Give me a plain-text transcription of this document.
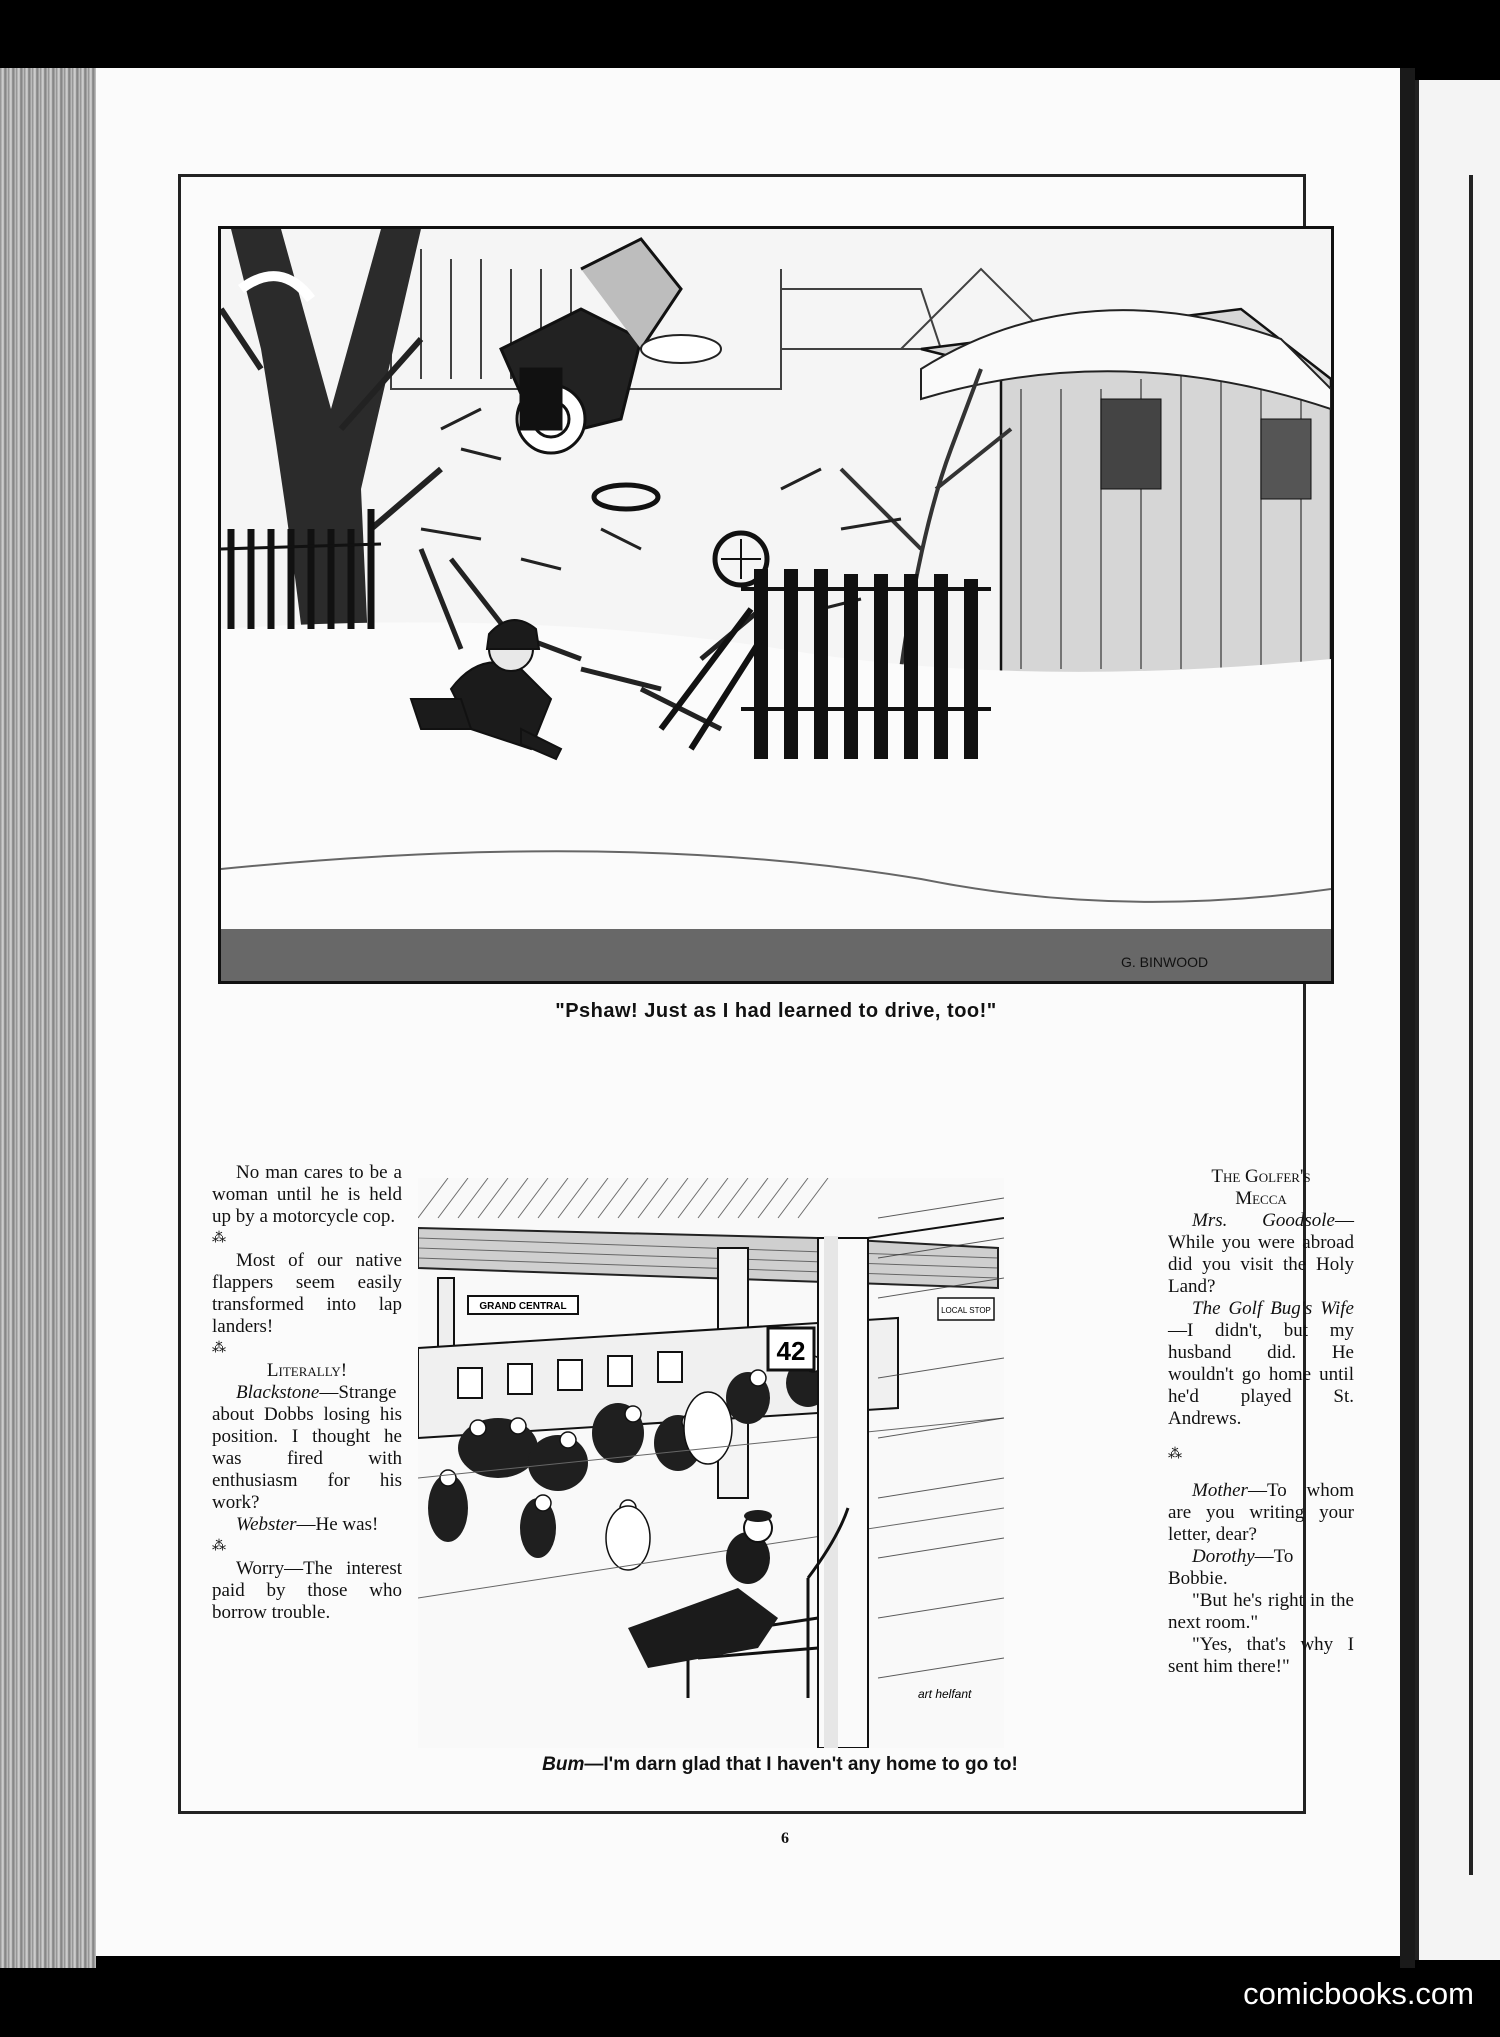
G. BINWOOD
"Pshaw! Just as I had learned to drive, too!"

No man cares to be a woman until he is held up by a motorcycle cop.

⁂

Most of our native flappers seem easily transformed into lap landers!

⁂

Literally!

Blackstone—Strange about Dobbs losing his position. I thought he was fired with enthusiasm for his work?

Webster—He was!

⁂

Worry—The interest paid by those who borrow trouble.

GRAND CENTRAL
42
LOCAL STOP
art helfant
Bum—I'm darn glad that I haven't any home to go to!

The Golfer's

Mecca

Mrs. Goodsole—While you were abroad did you visit the Holy Land?

The Golf Bug's Wife—I didn't, but my husband did. He wouldn't go home until he'd played St. Andrews.

⁂

Mother—To whom are you writing your letter, dear?

Dorothy—To Bobbie.

"But he's right in the next room."

"Yes, that's why I sent him there!"

6
comicbooks.com
